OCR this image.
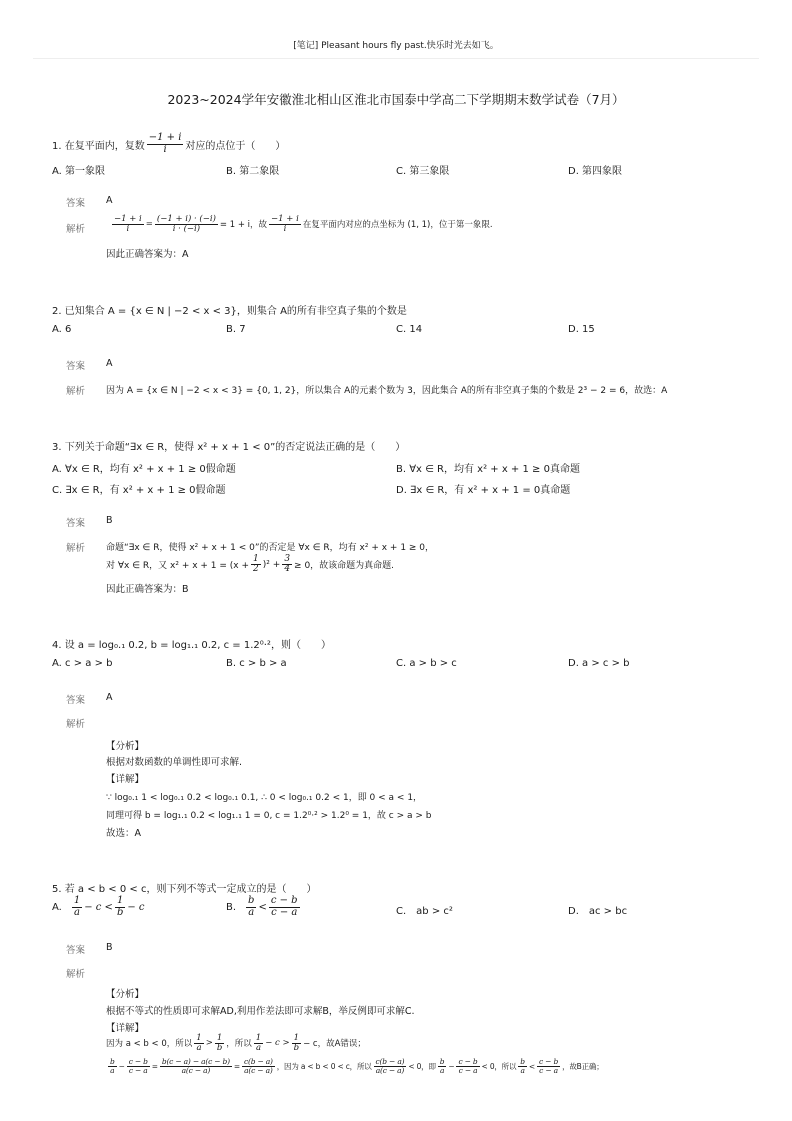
[笔记] Pleasant hours fly past.快乐时光去如飞。
2023~2024学年安徽淮北相山区淮北市国泰中学高二下学期期末数学试卷（7月）
1. 在复平面内，复数 $\frac{-1 + i}{i}$ 对应的点位于（　　）
A. 第一象限	B. 第二象限	C. 第三象限	D. 第四象限
答案 A
解析	$\frac{-1 + i}{i} = \frac{(-1 + i) \cdot (-i)}{i \cdot (-i)} = 1 + i$，故 $\frac{-1 + i}{i}$ 在复平面内对应的点坐标为 (1, 1)，位于第一象限.
因此正确答案为：A
2. 已知集合 A = {x ∈ N | −2 < x < 3}，则集合 A的所有非空真子集的个数是
A. 6	B. 7	C. 14	D. 15
答案 A
解析 因为 A = {x ∈ N | −2 < x < 3} = {0, 1, 2}，所以集合 A的元素个数为 3，因此集合 A的所有非空真子集的个数是 2³ − 2 = 6，故选：A
3. 下列关于命题“∃x ∈ R，使得 x² + x + 1 < 0”的否定说法正确的是（　　）
A. ∀x ∈ R，均有 x² + x + 1 ≥ 0假命题	B. ∀x ∈ R，均有 x² + x + 1 ≥ 0真命题
C. ∃x ∈ R，有 x² + x + 1 ≥ 0假命题	D. ∃x ∈ R，有 x² + x + 1 = 0真命题
答案 B
解析 命题“∃x ∈ R，使得 x² + x + 1 < 0”的否定是 ∀x ∈ R，均有 x² + x + 1 ≥ 0，
对 ∀x ∈ R，又 $x^2 + x + 1 = (x + \frac{1}{2} )^2 + \frac{3}{4} \ge 0$，故该命题为真命题.
因此正确答案为：B
4. 设 a = log₀.₁ 0.2, b = log₁.₁ 0.2, c = 1.2⁰·²，则（　　）
A. c > a > b	B. c > b > a	C. a > b > c	D. a > c > b
答案 A
解析
【分析】
根据对数函数的单调性即可求解.
【详解】
∵ log₀.₁ 1 < log₀.₁ 0.2 < log₀.₁ 0.1, ∴ 0 < log₀.₁ 0.2 < 1，即 0 < a < 1，
同理可得 b = log₁.₁ 0.2 < log₁.₁ 1 = 0, c = 1.2⁰·² > 1.2⁰ = 1，故 c > a > b
故选：A
5. 若 a < b < 0 < c，则下列不等式一定成立的是（　　）
A. $\frac{1}{a} - c < \frac{1}{b} - c$	B. $\frac{b}{a} < \frac{c - b}{c - a}$	C.　ab > c²	D.　ac > bc
答案 B
解析
【分析】
根据不等式的性质即可求解AD,利用作差法即可求解B，举反例即可求解C.
【详解】
因为 a < b < 0，所以 $\frac{1}{a} > \frac{1}{b}$ ，所以 $\frac{1}{a} - c > \frac{1}{b} - c$，故A错误；
$\frac{b}{a} - \frac{c - b}{c - a} = \frac{b(c - a) - a(c - b)}{a(c - a)} = \frac{c(b - a)}{a(c - a)}$ ，因为 a < b < 0 < c，所以 $\frac{c(b - a)}{a(c - a)} < 0$，即 $\frac{b}{a} - \frac{c - b}{c - a} < 0$，所以 $\frac{b}{a} < \frac{c - b}{c - a}$ ，故B正确；
